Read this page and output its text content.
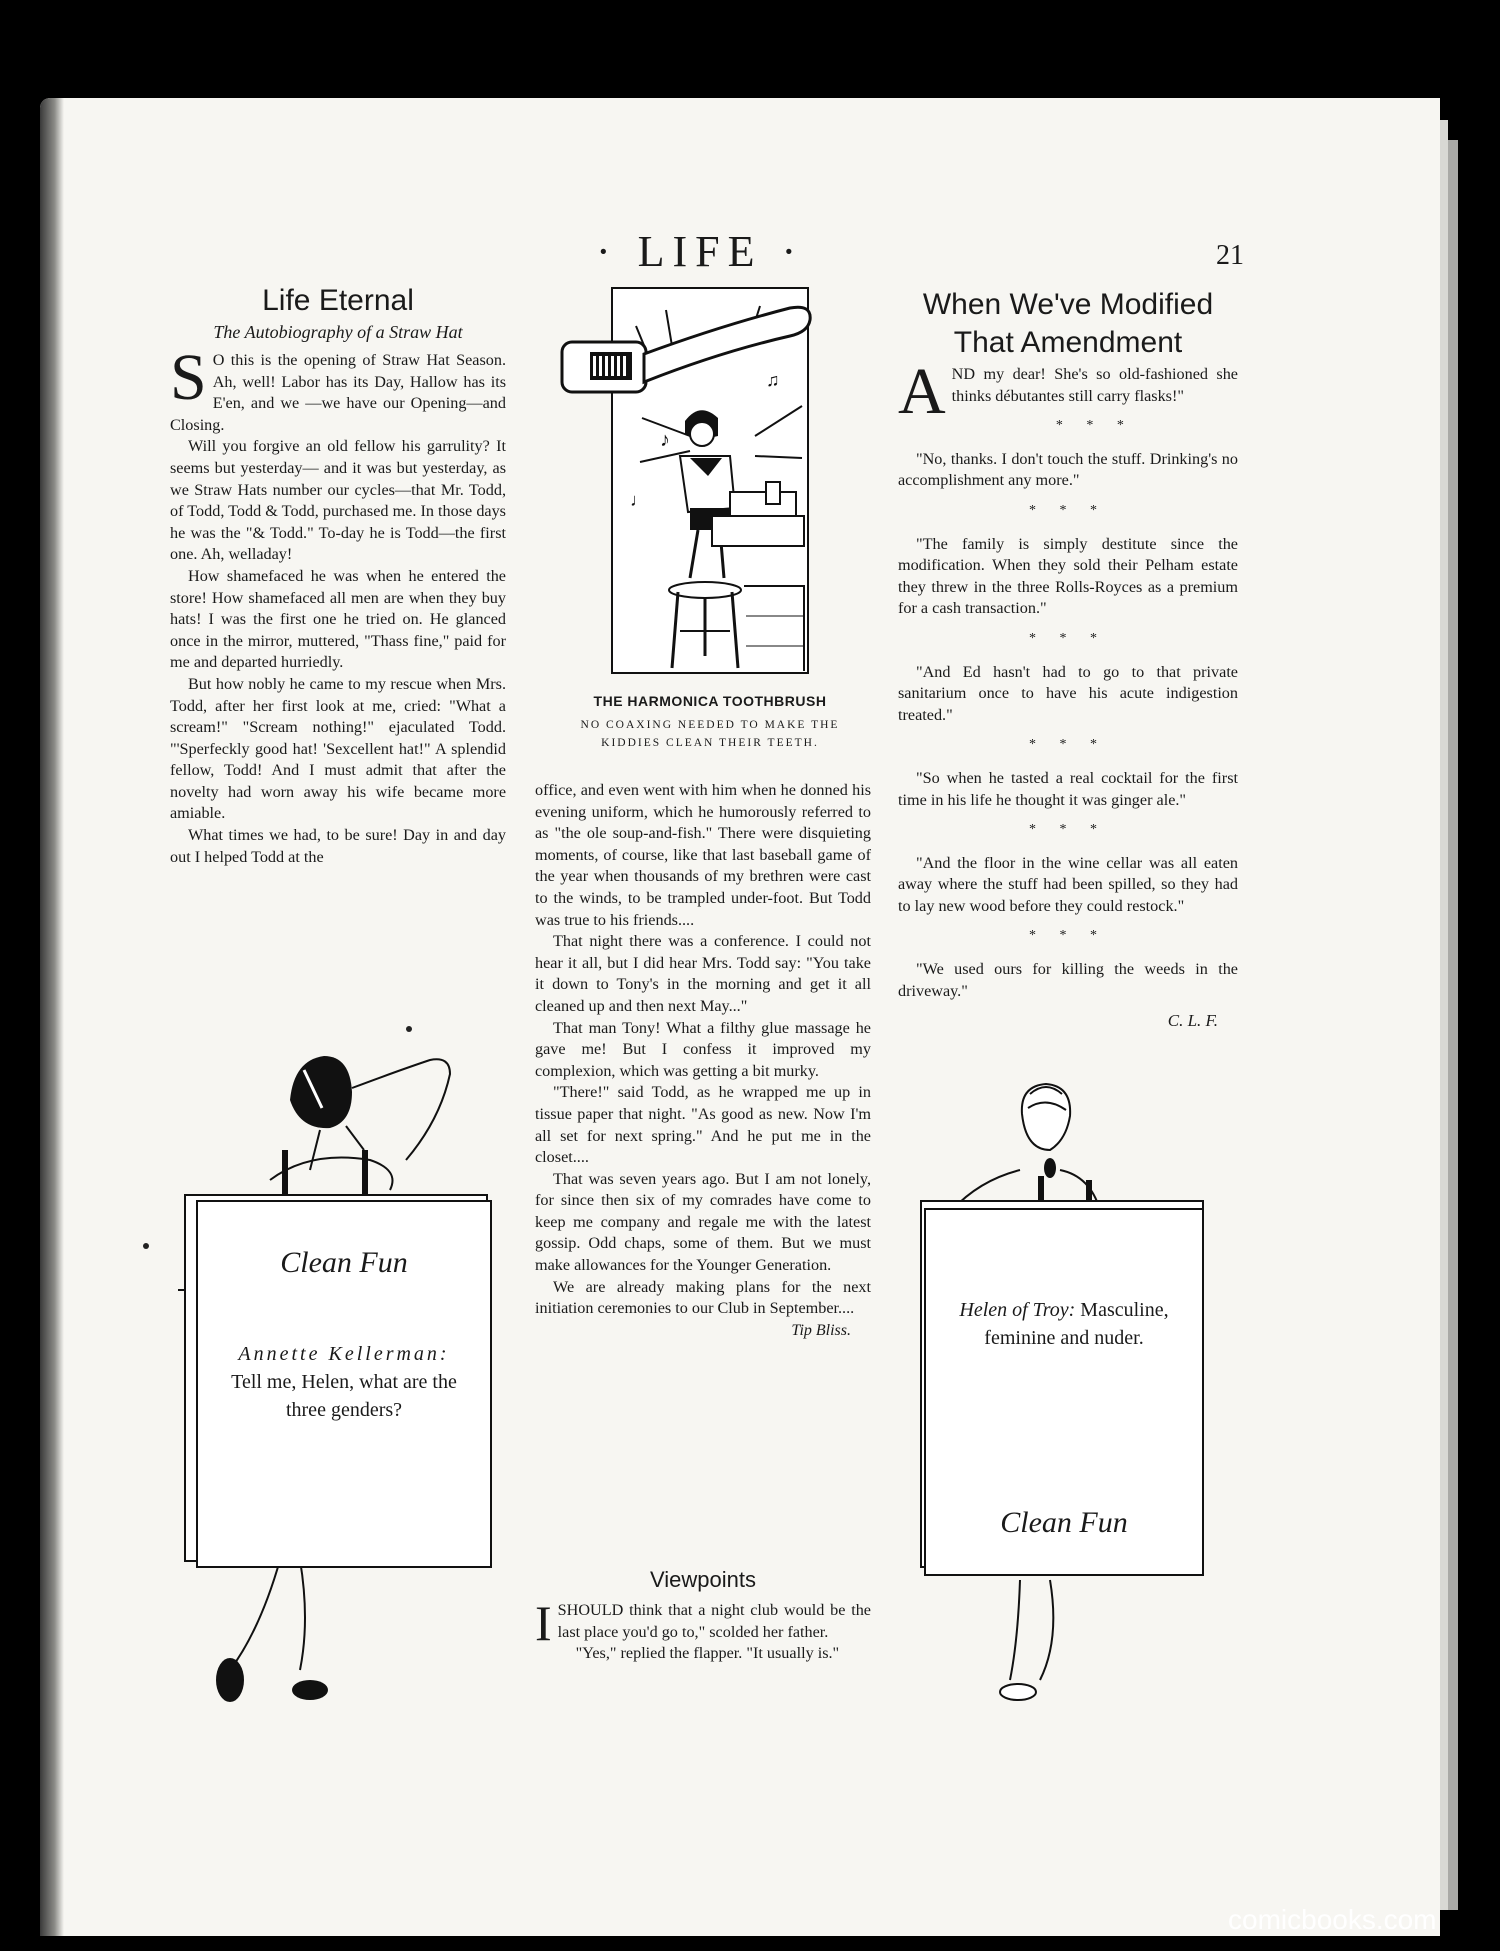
· LIFE ·	21
Life Eternal
The Autobiography of a Straw Hat

S O this is the opening of Straw Hat Season. Ah, well! Labor has its Day, Hallow has its E'en, and we —we have our Opening—and Closing.

Will you forgive an old fellow his garrulity? It seems but yesterday— and it was but yesterday, as we Straw Hats number our cycles—that Mr. Todd, of Todd, Todd & Todd, purchased me. In those days he was the "& Todd." To-day he is Todd—the first one. Ah, welladay!

How shamefaced he was when he entered the store! How shamefaced all men are when they buy hats! I was the first one he tried on. He glanced once in the mirror, muttered, "Thass fine," paid for me and departed hurriedly.

But how nobly he came to my rescue when Mrs. Todd, after her first look at me, cried: "What a scream!" "Scream nothing!" ejaculated Todd. "'Sperfeckly good hat! 'Sexcellent hat!" A splendid fellow, Todd! And I must admit that after the novelty had worn away his wife became more amiable.

What times we had, to be sure! Day in and day out I helped Todd at the

♪
♫
♩
THE HARMONICA TOOTHBRUSH
NO COAXING NEEDED TO MAKE THE KIDDIES CLEAN THEIR TEETH.

office, and even went with him when he donned his evening uniform, which he humorously referred to as "the ole soup-and-fish." There were disquieting moments, of course, like that last baseball game of the year when thousands of my brethren were cast to the winds, to be trampled under-foot. But Todd was true to his friends....

That night there was a conference. I could not hear it all, but I did hear Mrs. Todd say: "You take it down to Tony's in the morning and get it all cleaned up and then next May..."

That man Tony! What a filthy glue massage he gave me! But I confess it improved my complexion, which was getting a bit murky.

"There!" said Todd, as he wrapped me up in tissue paper that night. "As good as new. Now I'm all set for next spring." And he put me in the closet....

That was seven years ago. But I am not lonely, for since then six of my comrades have come to keep me company and regale me with the latest gossip. Odd chaps, some of them. But we must make allowances for the Younger Generation.

We are already making plans for the next initiation ceremonies to our Club in September....

Tip Bliss.
Viewpoints

ISHOULD think that a night club would be the last place you'd go to," scolded her father.

"Yes," replied the flapper. "It usually is."

When We've Modified
That Amendment

AND my dear! She's so old-fashioned she thinks débutantes still carry flasks!"

* * *

"No, thanks. I don't touch the stuff. Drinking's no accomplishment any more."

* * *

"The family is simply destitute since the modification. When they sold their Pelham estate they threw in the three Rolls-Royces as a premium for a cash transaction."

* * *

"And Ed hasn't had to go to that private sanitarium once to have his acute indigestion treated."

* * *

"So when he tasted a real cocktail for the first time in his life he thought it was ginger ale."

* * *

"And the floor in the wine cellar was all eaten away where the stuff had been spilled, so they had to lay new wood before they could restock."

* * *

"We used ours for killing the weeds in the driveway."

C. L. F.
Clean Fun
Annette Kellerman: Tell me, Helen, what are the three genders?
Helen of Troy: Masculine, feminine and nuder.
Clean Fun
comicbooks.com
